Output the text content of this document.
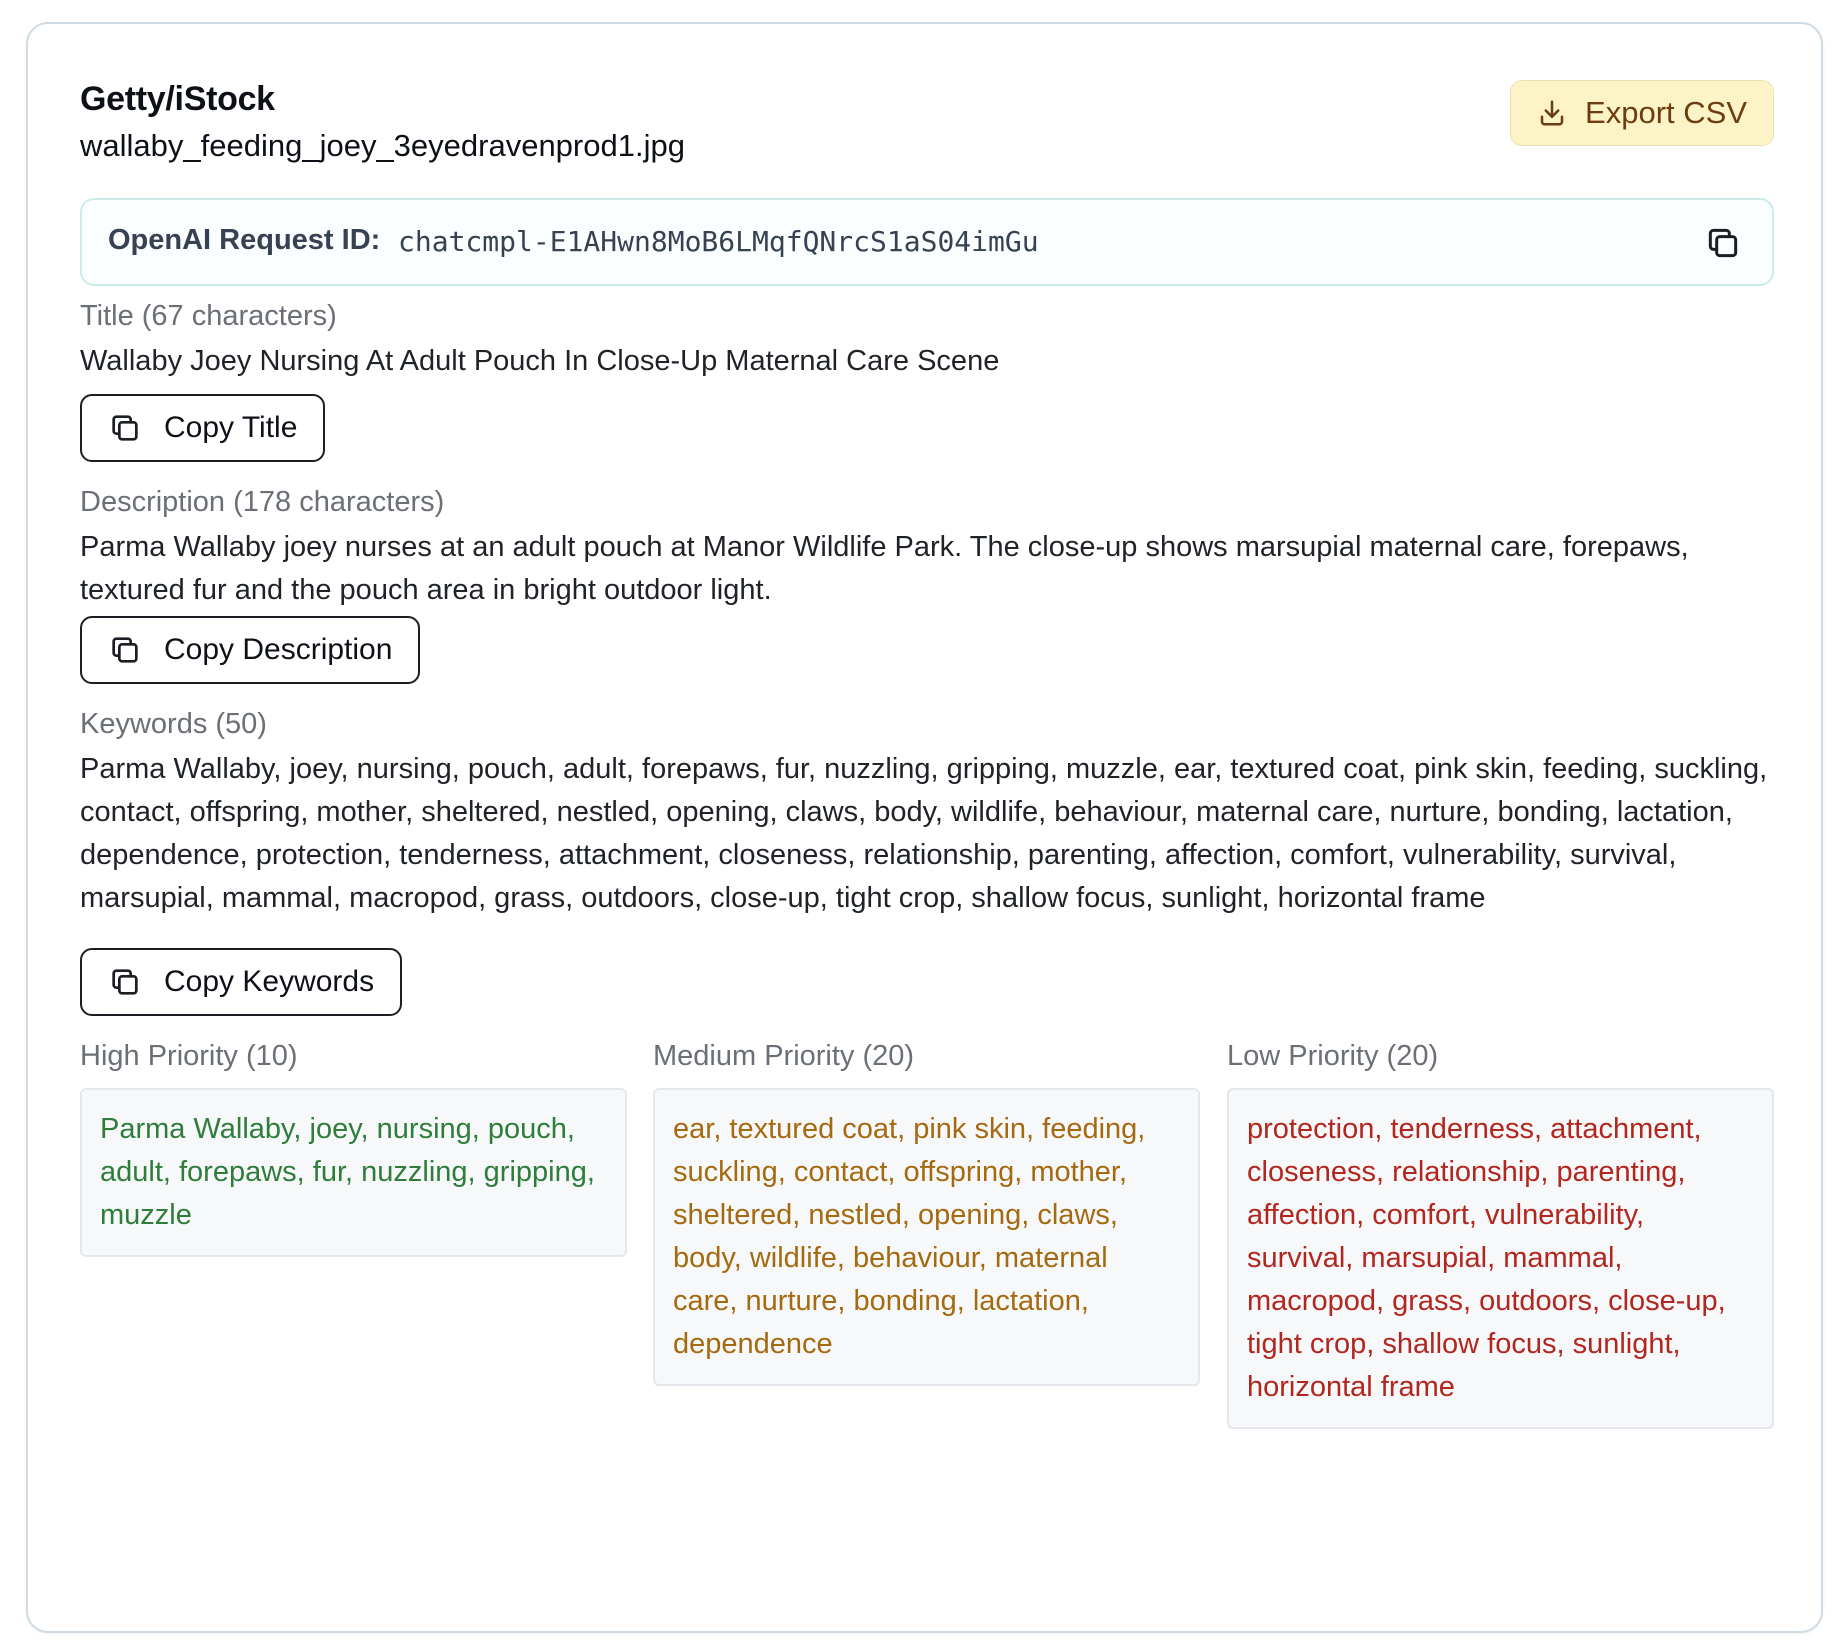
Getty/iStock
wallaby_feeding_joey_3eyedravenprod1.jpg
Export CSV
OpenAI Request ID: chatcmpl-E1AHwn8MoB6LMqfQNrcS1aS04imGu
Title (67 characters)
Wallaby Joey Nursing At Adult Pouch In Close-Up Maternal Care Scene
Copy Title
Description (178 characters)
Parma Wallaby joey nurses at an adult pouch at Manor Wildlife Park. The close-up shows marsupial maternal care, forepaws, textured fur and the pouch area in bright outdoor light.
Copy Description
Keywords (50)
Parma Wallaby, joey, nursing, pouch, adult, forepaws, fur, nuzzling, gripping, muzzle, ear, textured coat, pink skin, feeding, suckling, contact, offspring, mother, sheltered, nestled, opening, claws, body, wildlife, behaviour, maternal care, nurture, bonding, lactation, dependence, protection, tenderness, attachment, closeness, relationship, parenting, affection, comfort, vulnerability, survival, marsupial, mammal, macropod, grass, outdoors, close-up, tight crop, shallow focus, sunlight, horizontal frame
Copy Keywords
High Priority (10)
Parma Wallaby, joey, nursing, pouch, adult, forepaws, fur, nuzzling, gripping, muzzle
Medium Priority (20)
ear, textured coat, pink skin, feeding, suckling, contact, offspring, mother, sheltered, nestled, opening, claws, body, wildlife, behaviour, maternal care, nurture, bonding, lactation, dependence
Low Priority (20)
protection, tenderness, attachment, closeness, relationship, parenting, affection, comfort, vulnerability, survival, marsupial, mammal, macropod, grass, outdoors, close-up, tight crop, shallow focus, sunlight, horizontal frame
